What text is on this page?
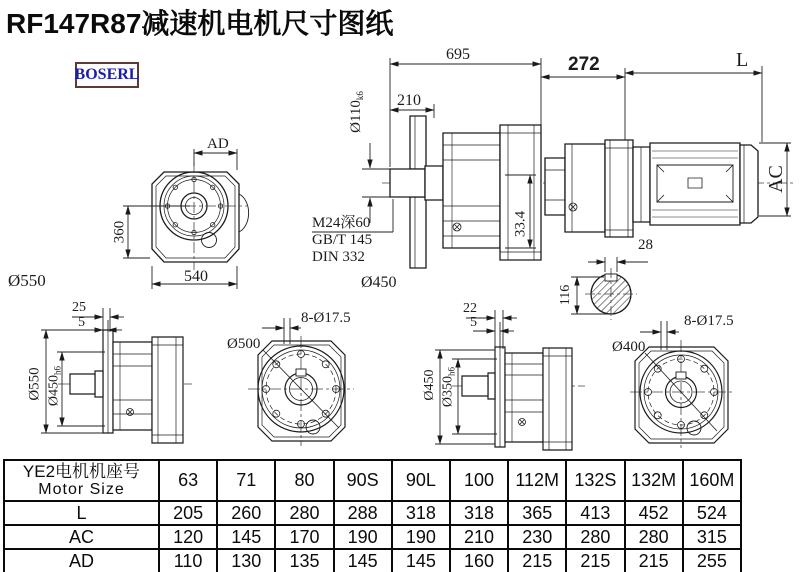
RF147R87减速机电机尺寸图纸
BOSERL
AD
360
540
Ø550
695
210
$Ø110_{k6}$
M24深60
GB/T 145
DIN 332
33.4
Ø450
272	L
AC
28
116
25
5
Ø550 $Ø450_{h6}$
8-Ø17.5
Ø500
22
5
Ø450 $Ø350_{h6}$
8-Ø17.5
Ø400
YE2电机机座号
Motor Size	63	71	80	90S	90L	100	112M	132S	132M	160M
L	205	260	280	288	318	318	365	413	452	524
AC	120	145	170	190	190	210	230	280	280	315
AD	110	130	135	145	145	160	215	215	215	255
